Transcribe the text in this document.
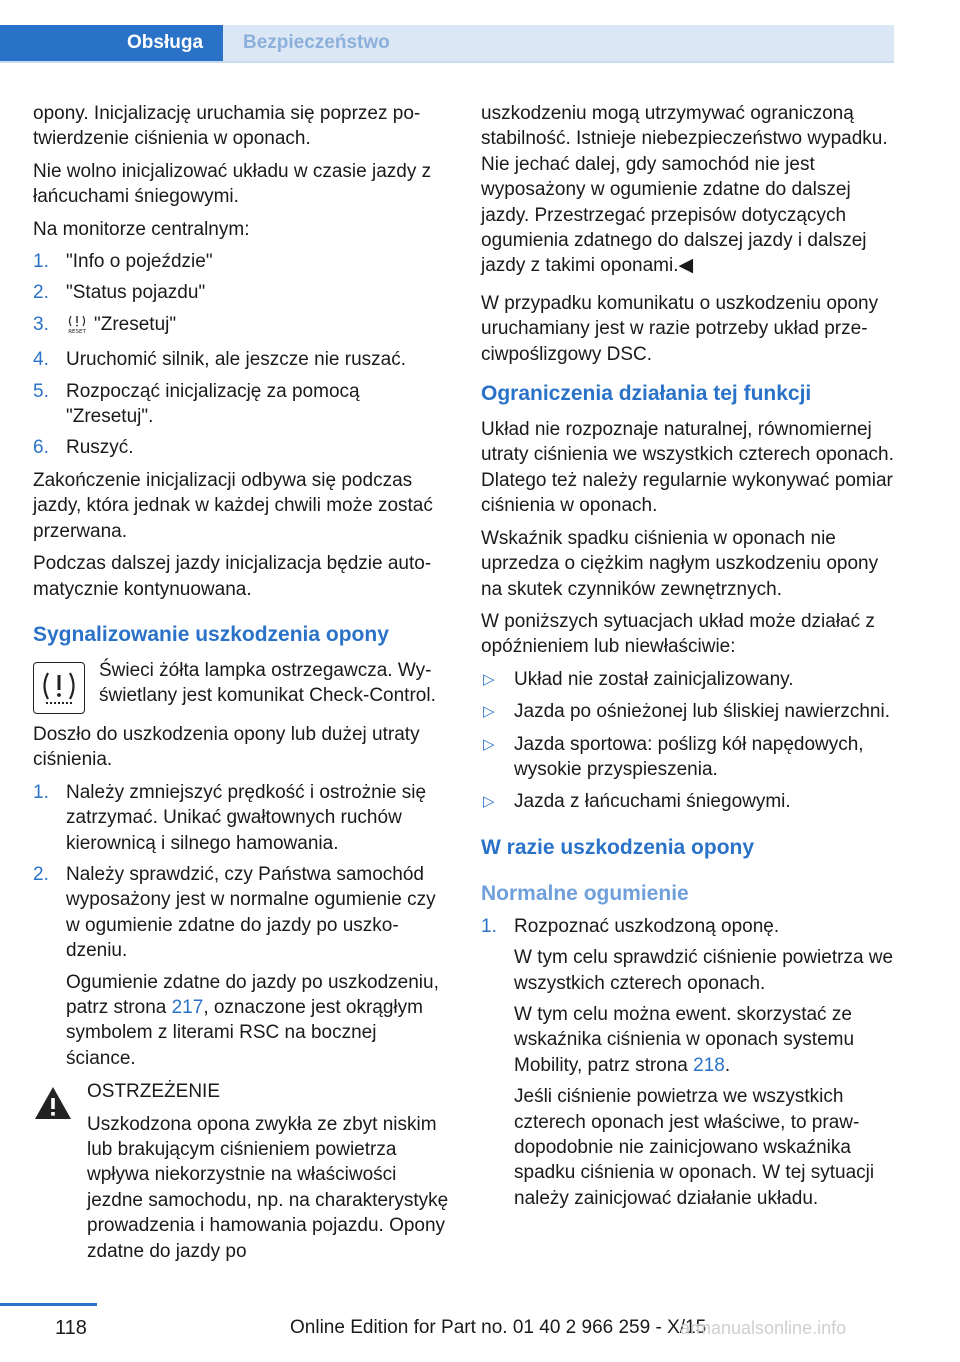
Obsługa	Bezpieczeństwo

opony. Inicjalizację uruchamia się poprzez potwierdzenie ciśnienia w oponach.

Nie wolno inicjalizować układu w czasie jazdy z łańcuchami śniegowymi.

Na monitorze centralnym:

1. "Info o pojeździe"
2. "Status pojazdu"
3.	RESET "Zresetuj"
4. Uruchomić silnik, ale jeszcze nie ruszać.
5. Rozpocząć inicjalizację za pomocą "Zresetuj".
6. Ruszyć.

Zakończenie inicjalizacji odbywa się podczas jazdy, która jednak w każdej chwili może zostać przerwana.

Podczas dalszej jazdy inicjalizacja będzie automatycznie kontynuowana.

Sygnalizowanie uszkodzenia opony
Świeci żółta lampka ostrzegawcza. Wyświetlany jest komunikat Check-Control.

Doszło do uszkodzenia opony lub dużej utraty ciśnienia.

1. Należy zmniejszyć prędkość i ostrożnie się zatrzymać. Unikać gwałtownych ruchów kierownicą i silnego hamowania.
2. Należy sprawdzić, czy Państwa samochód wyposażony jest w normalne ogumienie czy w ogumienie zdatne do jazdy po uszkodzeniu.
Ogumienie zdatne do jazdy po uszkodzeniu, patrz strona 217, oznaczone jest okrągłym symbolem z literami RSC na bocznej ściance.
OSTRZEŻENIE
Uszkodzona opona zwykła ze zbyt niskim lub brakującym ciśnieniem powietrza wpływa niekorzystnie na właściwości jezdne samochodu, np. na charakterystykę prowadzenia i hamowania pojazdu. Opony zdatne do jazdy po

uszkodzeniu mogą utrzymywać ograniczoną stabilność. Istnieje niebezpieczeństwo wypadku. Nie jechać dalej, gdy samochód nie jest wyposażony w ogumienie zdatne do dalszej jazdy. Przestrzegać przepisów dotyczących ogumienia zdatnego do dalszej jazdy i dalszej jazdy z takimi oponami.◀

W przypadku komunikatu o uszkodzeniu opony uruchamiany jest w razie potrzeby układ przeciwpoślizgowy DSC.

Ograniczenia działania tej funkcji

Układ nie rozpoznaje naturalnej, równomiernej utraty ciśnienia we wszystkich czterech oponach. Dlatego też należy regularnie wykonywać pomiar ciśnienia w oponach.

Wskaźnik spadku ciśnienia w oponach nie uprzedza o ciężkim nagłym uszkodzeniu opony na skutek czynników zewnętrznych.

W poniższych sytuacjach układ może działać z opóźnieniem lub niewłaściwie:

▷ Układ nie został zainicjalizowany.
▷ Jazda po ośnieżonej lub śliskiej nawierzchni.
▷ Jazda sportowa: poślizg kół napędowych, wysokie przyspieszenia.
▷ Jazda z łańcuchami śniegowymi.
W razie uszkodzenia opony
Normalne ogumienie
1. Rozpoznać uszkodzoną oponę.
W tym celu sprawdzić ciśnienie powietrza we wszystkich czterech oponach.
W tym celu można ewent. skorzystać ze wskaźnika ciśnienia w oponach systemu Mobility, patrz strona 218.
Jeśli ciśnienie powietrza we wszystkich czterech oponach jest właściwe, to prawdopodobnie nie zainicjowano wskaźnika spadku ciśnienia w oponach. W tej sytuacji należy zainicjować działanie układu.
118	Online Edition for Part no. 01 40 2 966 259 - X/15
armanualsonline.info
